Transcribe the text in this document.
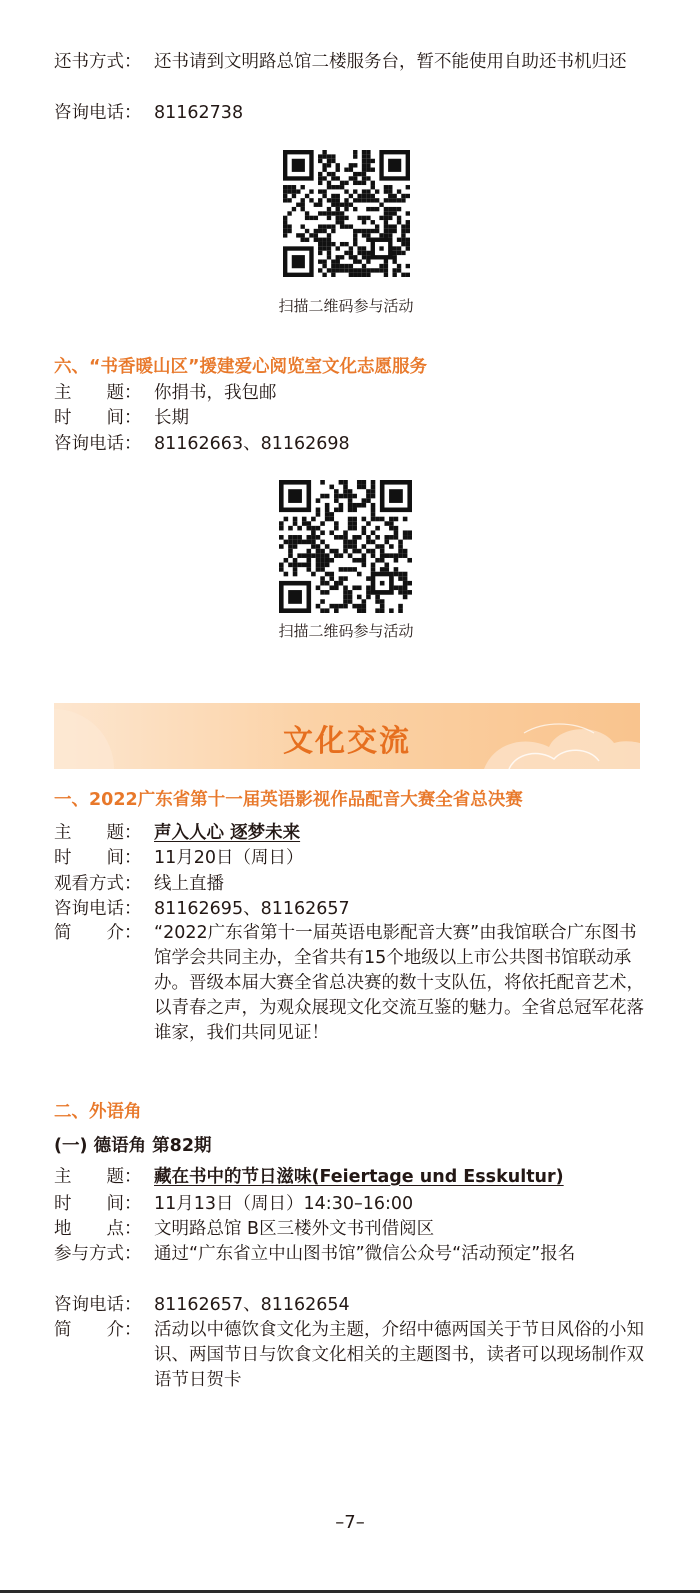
还书方式： 还书请到文明路总馆二楼服务台，暂不能使用自助还书机归还
咨询电话： 81162738
扫描二维码参与活动
六、“书香暖山区”援建爱心阅览室文化志愿服务
主　　题： 你捐书，我包邮
时　　间： 长期
咨询电话： 81162663、81162698
扫描二维码参与活动
文化交流
一、2022广东省第十一届英语影视作品配音大赛全省总决赛
主　　题： 声入人心 逐梦未来
时　　间： 11月20日（周日）
观看方式： 线上直播
咨询电话： 81162695、81162657
简　　介： “2022广东省第十一届英语电影配音大赛”由我馆联合广东图书馆学会共同主办，全省共有15个地级以上市公共图书馆联动承办。晋级本届大赛全省总决赛的数十支队伍，将依托配音艺术，以青春之声，为观众展现文化交流互鉴的魅力。全省总冠军花落谁家，我们共同见证！
二、外语角
(一) 德语角 第82期
主　　题： 藏在书中的节日滋味(Feiertage und Esskultur)
时　　间： 11月13日（周日）14:30–16:00
地　　点： 文明路总馆 B区三楼外文书刊借阅区
参与方式： 通过“广东省立中山图书馆”微信公众号“活动预定”报名
咨询电话： 81162657、81162654
简　　介： 活动以中德饮食文化为主题，介绍中德两国关于节日风俗的小知识、两国节日与饮食文化相关的主题图书，读者可以现场制作双语节日贺卡
–7–
